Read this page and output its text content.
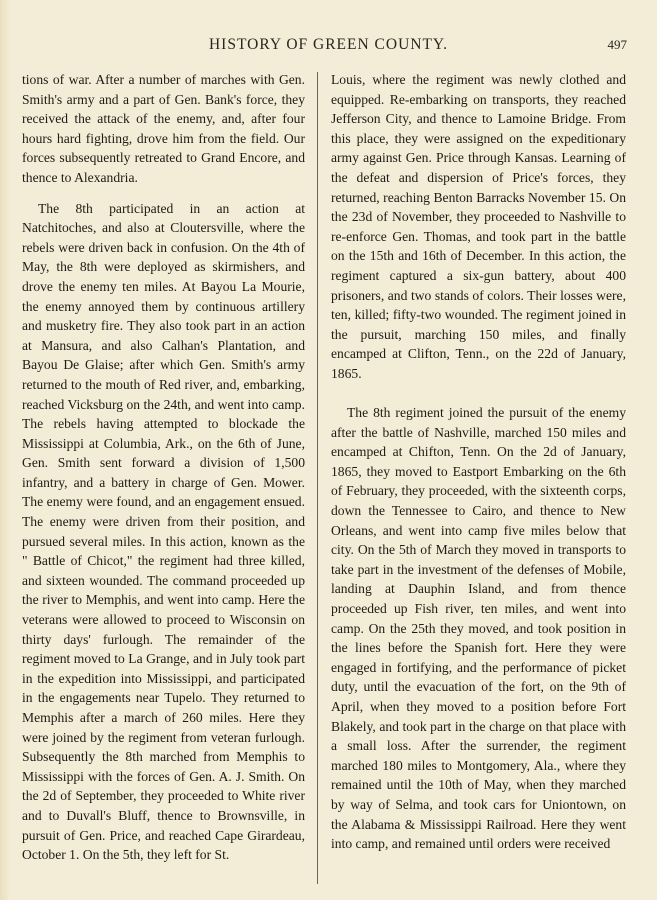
HISTORY OF GREEN COUNTY.	497

tions of war. After a number of marches with Gen. Smith's army and a part of Gen. Bank's force, they received the attack of the enemy, and, after four hours hard fighting, drove him from the field. Our forces subsequently retreated to Grand Encore, and thence to Alexandria.

The 8th participated in an action at Natchitoches, and also at Cloutersville, where the rebels were driven back in confusion. On the 4th of May, the 8th were deployed as skirmishers, and drove the enemy ten miles. At Bayou La Mourie, the enemy annoyed them by continuous artillery and musketry fire. They also took part in an action at Mansura, and also Calhan's Plantation, and Bayou De Glaise; after which Gen. Smith's army returned to the mouth of Red river, and, embarking, reached Vicksburg on the 24th, and went into camp. The rebels having attempted to blockade the Mississippi at Columbia, Ark., on the 6th of June, Gen. Smith sent forward a division of 1,500 infantry, and a battery in charge of Gen. Mower. The enemy were found, and an engagement ensued. The enemy were driven from their position, and pursued several miles. In this action, known as the " Battle of Chicot," the regiment had three killed, and sixteen wounded. The command proceeded up the river to Memphis, and went into camp. Here the veterans were allowed to proceed to Wisconsin on thirty days' furlough. The remainder of the regiment moved to La Grange, and in July took part in the expedition into Mississippi, and participated in the engagements near Tupelo. They returned to Memphis after a march of 260 miles. Here they were joined by the regiment from veteran furlough. Subsequently the 8th marched from Memphis to Mississippi with the forces of Gen. A. J. Smith. On the 2d of September, they proceeded to White river and to Duvall's Bluff, thence to Brownsville, in pursuit of Gen. Price, and reached Cape Girardeau, October 1. On the 5th, they left for St.

Louis, where the regiment was newly clothed and equipped. Re-embarking on transports, they reached Jefferson City, and thence to Lamoine Bridge. From this place, they were assigned on the expeditionary army against Gen. Price through Kansas. Learning of the defeat and dispersion of Price's forces, they returned, reaching Benton Barracks November 15. On the 23d of November, they proceeded to Nashville to re-enforce Gen. Thomas, and took part in the battle on the 15th and 16th of December. In this action, the regiment captured a six-gun battery, about 400 prisoners, and two stands of colors. Their losses were, ten, killed; fifty-two wounded. The regiment joined in the pursuit, marching 150 miles, and finally encamped at Clifton, Tenn., on the 22d of January, 1865.

The 8th regiment joined the pursuit of the enemy after the battle of Nashville, marched 150 miles and encamped at Chifton, Tenn. On the 2d of January, 1865, they moved to Eastport Embarking on the 6th of February, they proceeded, with the sixteenth corps, down the Tennessee to Cairo, and thence to New Orleans, and went into camp five miles below that city. On the 5th of March they moved in transports to take part in the investment of the defenses of Mobile, landing at Dauphin Island, and from thence proceeded up Fish river, ten miles, and went into camp. On the 25th they moved, and took position in the lines before the Spanish fort. Here they were engaged in fortifying, and the performance of picket duty, until the evacuation of the fort, on the 9th of April, when they moved to a position before Fort Blakely, and took part in the charge on that place with a small loss. After the surrender, the regiment marched 180 miles to Montgomery, Ala., where they remained until the 10th of May, when they marched by way of Selma, and took cars for Uniontown, on the Alabama & Mississippi Railroad. Here they went into camp, and remained until orders were received
